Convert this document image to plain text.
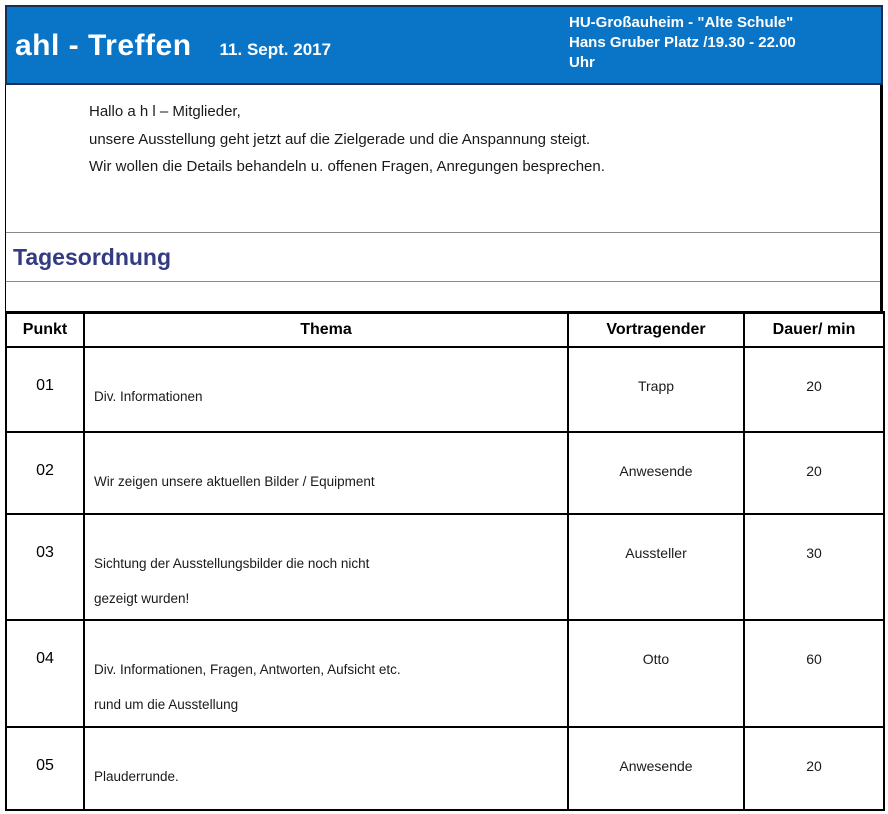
ahl - Treffen 11. Sept. 2017
HU-Großauheim - "Alte Schule"
Hans Gruber Platz /19.30 - 22.00
Uhr
Hallo a h l – Mitglieder,
unsere Ausstellung geht jetzt auf die Zielgerade und die Anspannung steigt.
Wir wollen die Details behandeln u. offenen Fragen, Anregungen besprechen.
Tagesordnung
Punkt	Thema	Vortragender	Dauer/ min
01	Div. Informationen	Trapp	20
02	Wir zeigen unsere aktuellen Bilder / Equipment	Anwesende	20
03	Sichtung der Ausstellungsbilder die noch nicht
gezeigt wurden!	Aussteller	30
04	Div. Informationen, Fragen, Antworten, Aufsicht etc.
rund um die Ausstellung	Otto	60
05	Plauderrunde.	Anwesende	20
